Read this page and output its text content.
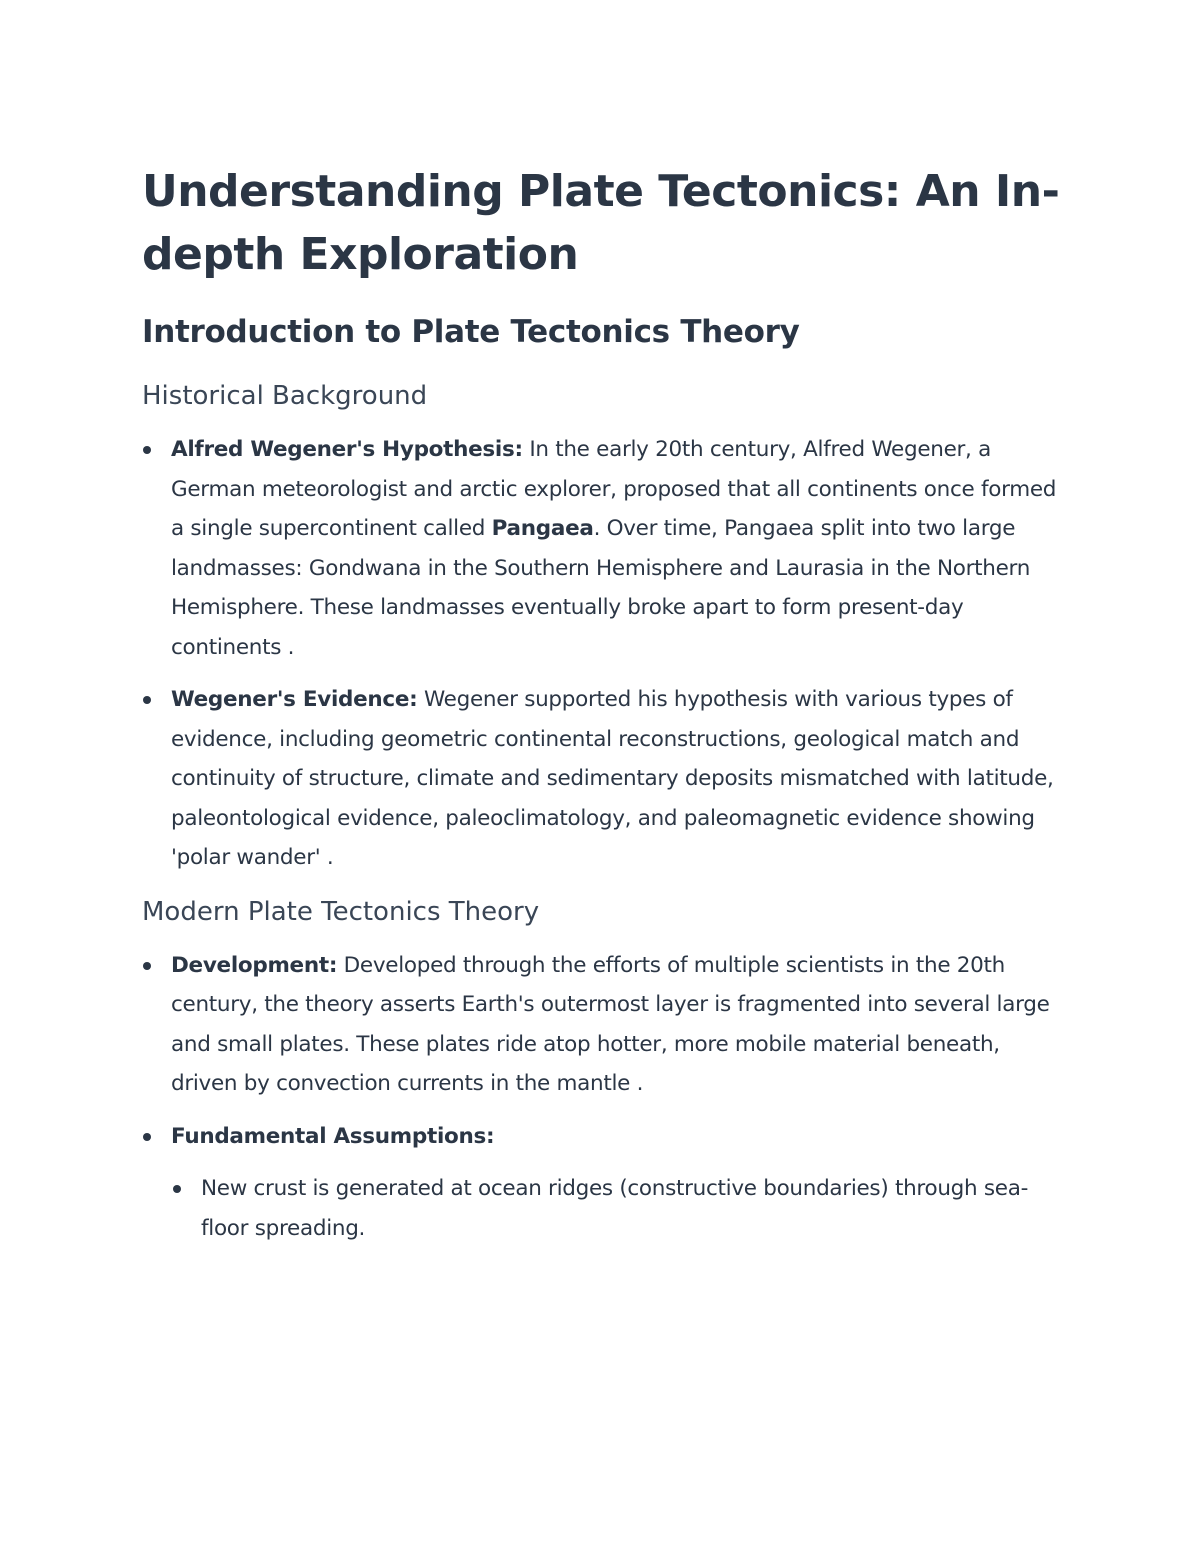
Understanding Plate Tectonics: An In-depth Exploration
Introduction to Plate Tectonics Theory
Historical Background
Alfred Wegener's Hypothesis: In the early 20th century, Alfred Wegener, a German meteorologist and arctic explorer, proposed that all continents once formed a single supercontinent called Pangaea. Over time, Pangaea split into two large landmasses: Gondwana in the Southern Hemisphere and Laurasia in the Northern Hemisphere. These landmasses eventually broke apart to form present-day continents .
Wegener's Evidence: Wegener supported his hypothesis with various types of evidence, including geometric continental reconstructions, geological match and continuity of structure, climate and sedimentary deposits mismatched with latitude, paleontological evidence, paleoclimatology, and paleomagnetic evidence showing 'polar wander' .
Modern Plate Tectonics Theory
Development: Developed through the efforts of multiple scientists in the 20th century, the theory asserts Earth's outermost layer is fragmented into several large and small plates. These plates ride atop hotter, more mobile material beneath, driven by convection currents in the mantle .
Fundamental Assumptions:
New crust is generated at ocean ridges (constructive boundaries) through sea-floor spreading.
